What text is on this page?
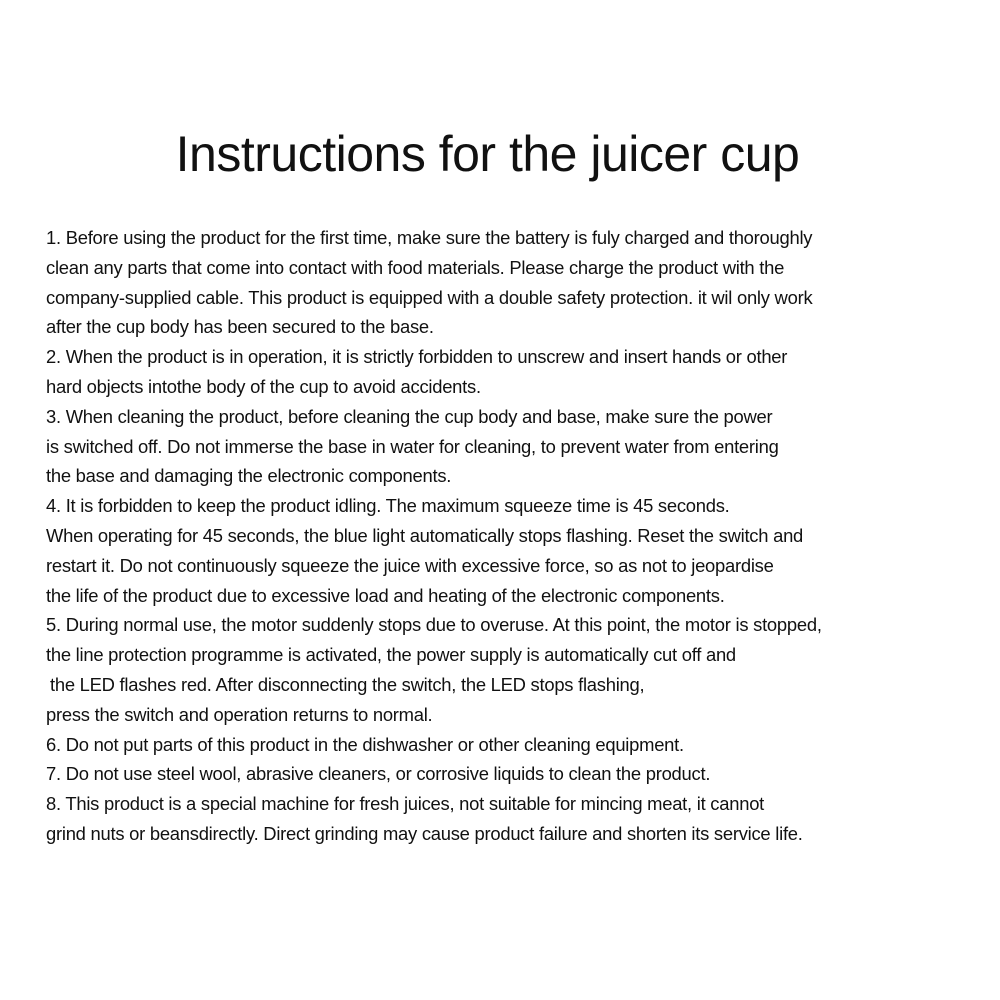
Instructions for the juicer cup
1. Before using the product for the first time, make sure the battery is fuly charged and thoroughly
clean any parts that come into contact with food materials. Please charge the product with the
company-supplied cable. This product is equipped with a double safety protection. it wil only work
after the cup body has been secured to the base.
2. When the product is in operation, it is strictly forbidden to unscrew and insert hands or other
hard objects intothe body of the cup to avoid accidents.
3. When cleaning the product, before cleaning the cup body and base, make sure the power
is switched off. Do not immerse the base in water for cleaning, to prevent water from entering
the base and damaging the electronic components.
4. It is forbidden to keep the product idling. The maximum squeeze time is 45 seconds.
When operating for 45 seconds, the blue light automatically stops flashing. Reset the switch and
restart it. Do not continuously squeeze the juice with excessive force, so as not to jeopardise
the life of the product due to excessive load and heating of the electronic components.
5. During normal use, the motor suddenly stops due to overuse. At this point, the motor is stopped,
the line protection programme is activated, the power supply is automatically cut off and
the LED flashes red. After disconnecting the switch, the LED stops flashing,
press the switch and operation returns to normal.
6. Do not put parts of this product in the dishwasher or other cleaning equipment.
7. Do not use steel wool, abrasive cleaners, or corrosive liquids to clean the product.
8. This product is a special machine for fresh juices, not suitable for mincing meat, it cannot
grind nuts or beansdirectly. Direct grinding may cause product failure and shorten its service life.
